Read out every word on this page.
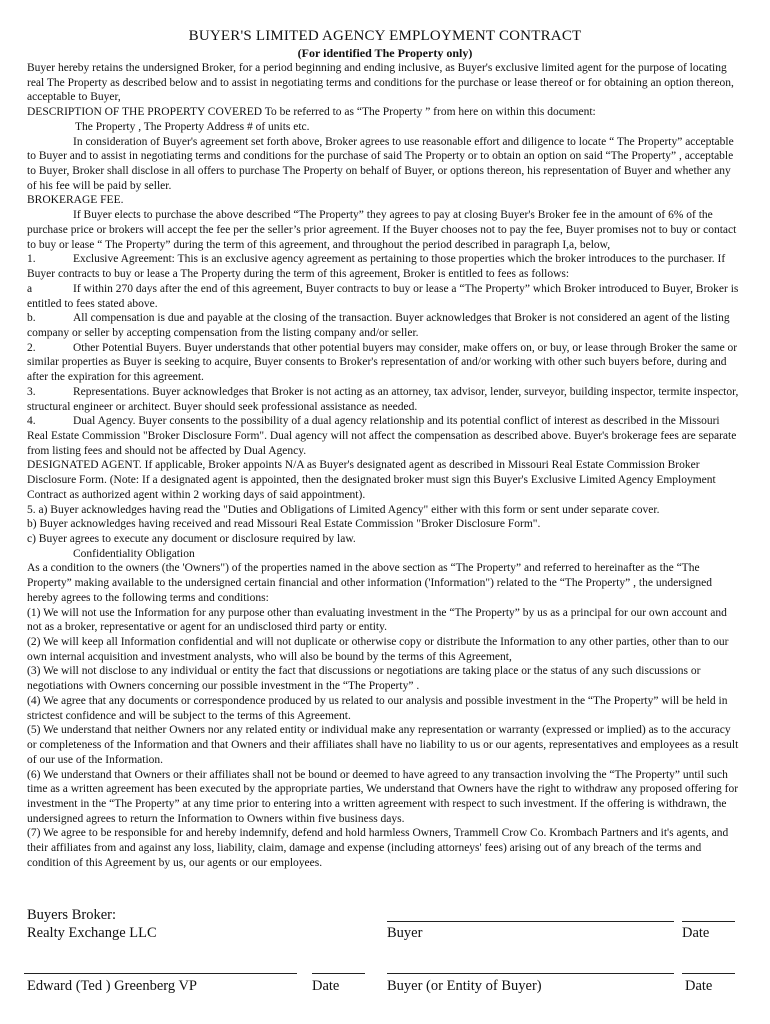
BUYER'S LIMITED AGENCY EMPLOYMENT CONTRACT
(For identified The Property only)

Buyer hereby retains the undersigned Broker, for a period beginning and ending inclusive, as Buyer's exclusive limited agent for the purpose of locating real The Property as described below and to assist in negotiating terms and conditions for the purchase or lease thereof or for obtaining an option thereon, acceptable to Buyer,

DESCRIPTION OF THE PROPERTY COVERED To be referred to as “The Property ” from here on within this document:

The Property , The Property Address # of units etc.

In consideration of Buyer's agreement set forth above, Broker agrees to use reasonable effort and diligence to locate “ The Property” acceptable to Buyer and to assist in negotiating terms and conditions for the purchase of said The Property or to obtain an option on said “The Property” , acceptable to Buyer, Broker shall disclose in all offers to purchase The Property on behalf of Buyer, or options thereon, his representation of Buyer and whether any of his fee will be paid by seller.

BROKERAGE FEE.

If Buyer elects to purchase the above described “The Property” they agrees to pay at closing Buyer's Broker fee in the amount of 6% of the purchase price or brokers will accept the fee per the seller’s prior agreement. If the Buyer chooses not to pay the fee, Buyer promises not to buy or contact to buy or lease “ The Property” during the term of this agreement, and throughout the period described in paragraph I,a, below,

1.	Exclusive Agreement: This is an exclusive agency agreement as pertaining to those properties which the broker introduces to the purchaser. If Buyer contracts to buy or lease a The Property during the term of this agreement, Broker is entitled to fees as follows:

a	If within 270 days after the end of this agreement, Buyer contracts to buy or lease a “The Property” which Broker introduced to Buyer, Broker is entitled to fees stated above.

b.	All compensation is due and payable at the closing of the transaction. Buyer acknowledges that Broker is not considered an agent of the listing company or seller by accepting compensation from the listing company and/or seller.

2.	Other Potential Buyers. Buyer understands that other potential buyers may consider, make offers on, or buy, or lease through Broker the same or similar properties as Buyer is seeking to acquire, Buyer consents to Broker's representation of and/or working with other such buyers before, during and after the expiration for this agreement.

3.	Representations. Buyer acknowledges that Broker is not acting as an attorney, tax advisor, lender, surveyor, building inspector, termite inspector, structural engineer or architect. Buyer should seek professional assistance as needed.

4.	Dual Agency. Buyer consents to the possibility of a dual agency relationship and its potential conflict of interest as described in the Missouri Real Estate Commission "Broker Disclosure Form". Dual agency will not affect the compensation as described above. Buyer's brokerage fees are separate from listing fees and should not be affected by Dual Agency.

DESIGNATED AGENT. If applicable, Broker appoints N/A as Buyer's designated agent as described in Missouri Real Estate Commission Broker Disclosure Form. (Note: If a designated agent is appointed, then the designated broker must sign this Buyer's Exclusive Limited Agency Employment Contract as authorized agent within 2 working days of said appointment).

5. a) Buyer acknowledges having read the "Duties and Obligations of Limited Agency" either with this form or sent under separate cover.

b) Buyer acknowledges having received and read Missouri Real Estate Commission "Broker Disclosure Form".

c) Buyer agrees to execute any document or disclosure required by law.

Confidentiality Obligation

As a condition to the owners (the 'Owners") of the properties named in the above section as “The Property” and referred to hereinafter as the “The Property” making available to the undersigned certain financial and other information ('Information") related to the “The Property” , the undersigned hereby agrees to the following terms and conditions:

(1) We will not use the Information for any purpose other than evaluating investment in the “The Property” by us as a principal for our own account and not as a broker, representative or agent for an undisclosed third party or entity.

(2) We will keep all Information confidential and will not duplicate or otherwise copy or distribute the Information to any other parties, other than to our own internal acquisition and investment analysts, who will also be bound by the terms of this Agreement,

(3) We will not disclose to any individual or entity the fact that discussions or negotiations are taking place or the status of any such discussions or negotiations with Owners concerning our possible investment in the “The Property” .

(4) We agree that any documents or correspondence produced by us related to our analysis and possible investment in the “The Property” will be held in strictest confidence and will be subject to the terms of this Agreement.

(5) We understand that neither Owners nor any related entity or individual make any representation or warranty (expressed or implied) as to the accuracy or completeness of the Information and that Owners and their affiliates shall have no liability to us or our agents, representatives and employees as a result of our use of the Information.

(6) We understand that Owners or their affiliates shall not be bound or deemed to have agreed to any transaction involving the “The Property” until such time as a written agreement has been executed by the appropriate parties, We understand that Owners have the right to withdraw any proposed offering for investment in the “The Property” at any time prior to entering into a written agreement with respect to such investment. If the offering is withdrawn, the undersigned agrees to return the Information to Owners within five business days.

(7) We agree to be responsible for and hereby indemnify, defend and hold harmless Owners, Trammell Crow Co. Krombach Partners and it's agents, and their affiliates from and against any loss, liability, claim, damage and expense (including attorneys' fees) arising out of any breach of the terms and condition of this Agreement by us, our agents or our employees.

Buyers Broker:
Realty Exchange LLC	Buyer	Date
Edward (Ted ) Greenberg VP	Date	Buyer (or Entity of Buyer)	Date
